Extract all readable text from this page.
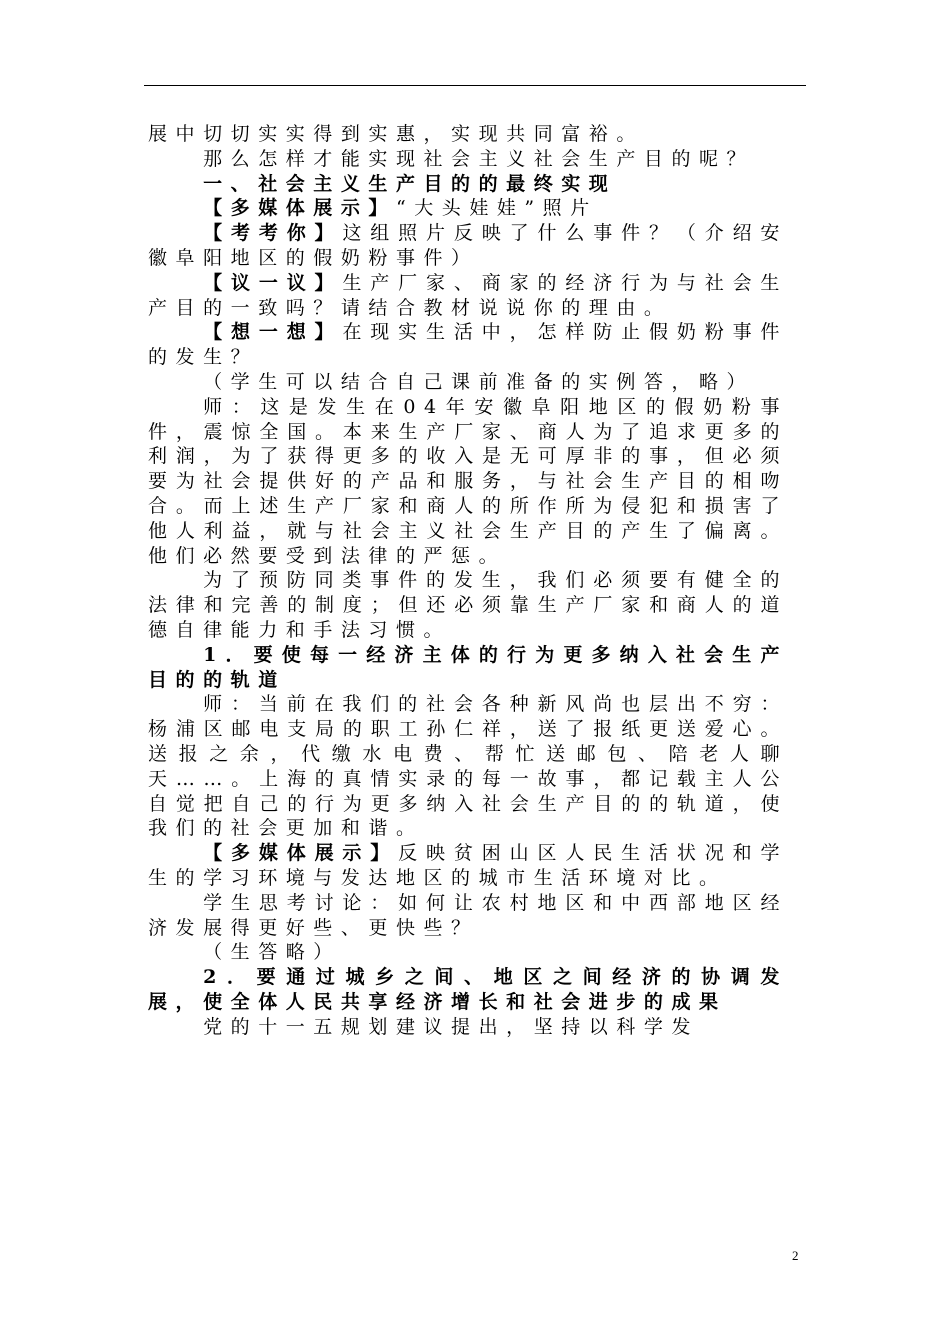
展中切切实实得到实惠，实现共同富裕。

那么怎样才能实现社会主义社会生产目的呢？

一、社会主义生产目的的最终实现

【多媒体展示】“大头娃娃”照片

【考考你】这组照片反映了什么事件？（介绍安徽阜阳地区的假奶粉事件）

【议一议】生产厂家、商家的经济行为与社会生产目的一致吗？请结合教材说说你的理由。

【想一想】在现实生活中，怎样防止假奶粉事件的发生？

（学生可以结合自己课前准备的实例答，略）

师：这是发生在04年安徽阜阳地区的假奶粉事件，震惊全国。本来生产厂家、商人为了追求更多的利润，为了获得更多的收入是无可厚非的事，但必须要为社会提供好的产品和服务，与社会生产目的相吻合。而上述生产厂家和商人的所作所为侵犯和损害了他人利益，就与社会主义社会生产目的产生了偏离。他们必然要受到法律的严惩。

为了预防同类事件的发生，我们必须要有健全的法律和完善的制度；但还必须靠生产厂家和商人的道德自律能力和手法习惯。

1．要使每一经济主体的行为更多纳入社会生产目的的轨道

师：当前在我们的社会各种新风尚也层出不穷：杨浦区邮电支局的职工孙仁祥，送了报纸更送爱心。送报之余，代缴水电费、帮忙送邮包、陪老人聊天……。上海的真情实录的每一故事，都记载主人公自觉把自己的行为更多纳入社会生产目的的轨道，使我们的社会更加和谐。

【多媒体展示】反映贫困山区人民生活状况和学生的学习环境与发达地区的城市生活环境对比。

学生思考讨论：如何让农村地区和中西部地区经济发展得更好些、更快些？

（生答略）

2．要通过城乡之间、地区之间经济的协调发展，使全体人民共享经济增长和社会进步的成果

党的十一五规划建议提出，坚持以科学发

2
